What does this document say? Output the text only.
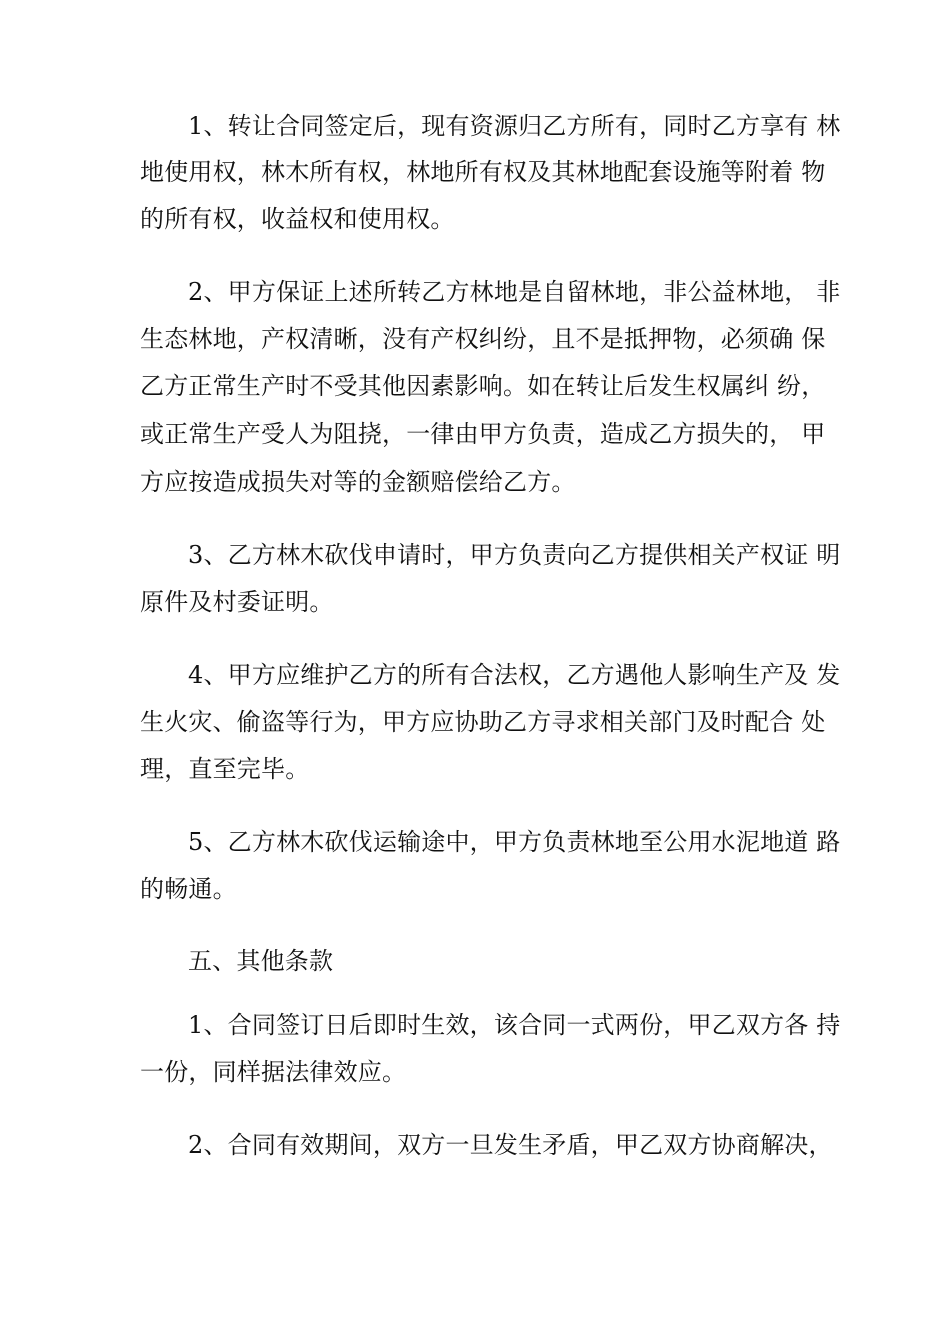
1、转让合同签定后，现有资源归乙方所有，同时乙方享有 林
地使用权，林木所有权，林地所有权及其林地配套设施等附着 物
的所有权，收益权和使用权。
2、甲方保证上述所转乙方林地是自留林地，非公益林地， 非
生态林地，产权清晰，没有产权纠纷，且不是抵押物，必须确 保
乙方正常生产时不受其他因素影响。如在转让后发生权属纠 纷，
或正常生产受人为阻挠，一律由甲方负责，造成乙方损失的， 甲
方应按造成损失对等的金额赔偿给乙方。
3、乙方林木砍伐申请时，甲方负责向乙方提供相关产权证 明
原件及村委证明。
4、甲方应维护乙方的所有合法权，乙方遇他人影响生产及 发
生火灾、偷盗等行为，甲方应协助乙方寻求相关部门及时配合 处
理，直至完毕。
5、乙方林木砍伐运输途中，甲方负责林地至公用水泥地道 路
的畅通。
五、其他条款
1、合同签订日后即时生效，该合同一式两份，甲乙双方各 持
一份，同样据法律效应。
2、合同有效期间，双方一旦发生矛盾，甲乙双方协商解决，
